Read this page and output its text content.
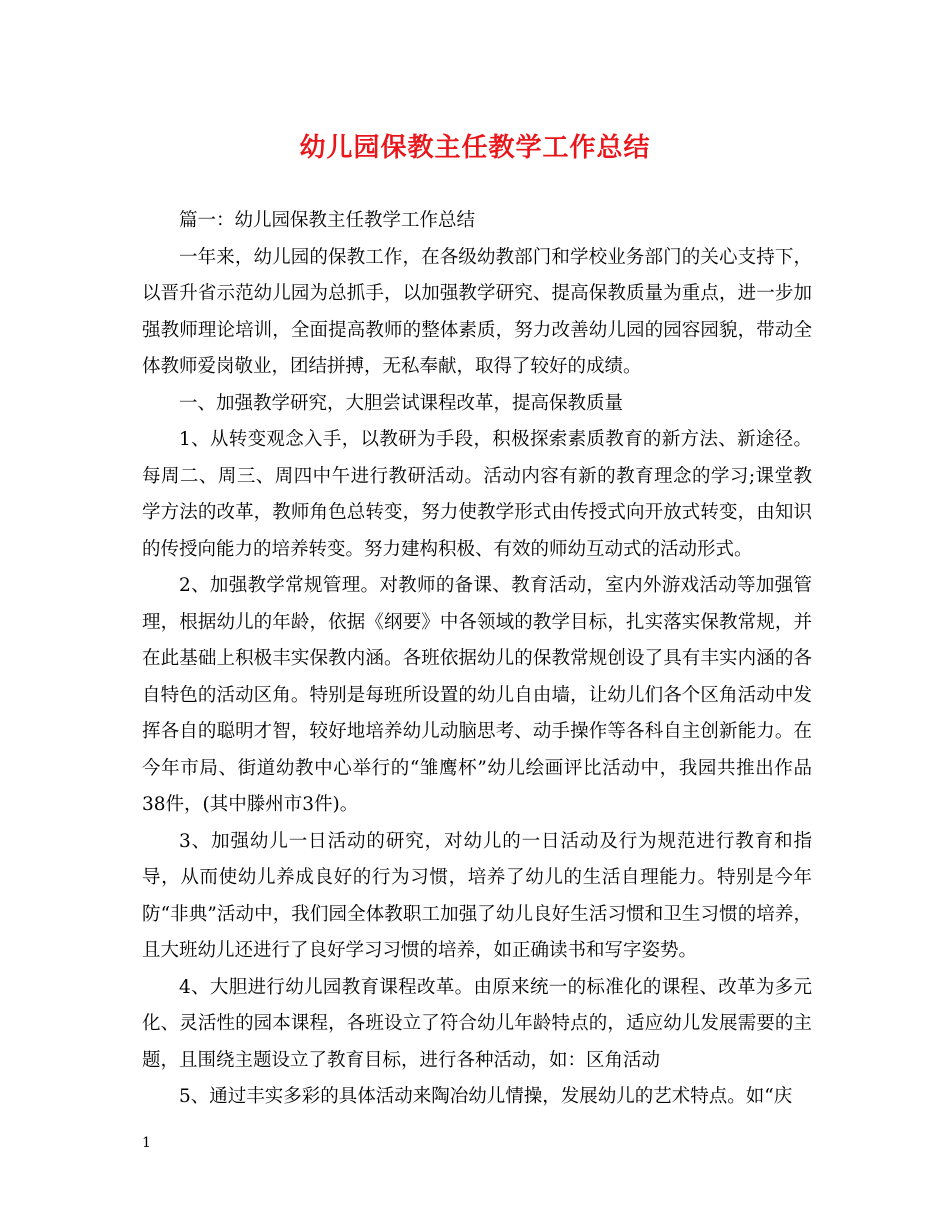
幼儿园保教主任教学工作总结

篇一：幼儿园保教主任教学工作总结

一年来，幼儿园的保教工作，在各级幼教部门和学校业务部门的关心支持下，以晋升省示范幼儿园为总抓手，以加强教学研究、提高保教质量为重点，进一步加强教师理论培训，全面提高教师的整体素质，努力改善幼儿园的园容园貌，带动全体教师爱岗敬业，团结拼搏，无私奉献，取得了较好的成绩。

一、加强教学研究，大胆尝试课程改革，提高保教质量

1、从转变观念入手，以教研为手段，积极探索素质教育的新方法、新途径。每周二、周三、周四中午进行教研活动。活动内容有新的教育理念的学习;课堂教学方法的改革，教师角色总转变，努力使教学形式由传授式向开放式转变，由知识的传授向能力的培养转变。努力建构积极、有效的师幼互动式的活动形式。

2、加强教学常规管理。对教师的备课、教育活动，室内外游戏活动等加强管理，根据幼儿的年龄，依据《纲要》中各领域的教学目标，扎实落实保教常规，并在此基础上积极丰实保教内涵。各班依据幼儿的保教常规创设了具有丰实内涵的各自特色的活动区角。特别是每班所设置的幼儿自由墙，让幼儿们各个区角活动中发挥各自的聪明才智，较好地培养幼儿动脑思考、动手操作等各科自主创新能力。在今年市局、街道幼教中心举行的“雏鹰杯”幼儿绘画评比活动中，我园共推出作品38件，(其中滕州市3件)。

3、加强幼儿一日活动的研究，对幼儿的一日活动及行为规范进行教育和指导，从而使幼儿养成良好的行为习惯，培养了幼儿的生活自理能力。特别是今年防“非典”活动中，我们园全体教职工加强了幼儿良好生活习惯和卫生习惯的培养，且大班幼儿还进行了良好学习习惯的培养，如正确读书和写字姿势。

4、大胆进行幼儿园教育课程改革。由原来统一的标准化的课程、改革为多元化、灵活性的园本课程，各班设立了符合幼儿年龄特点的，适应幼儿发展需要的主题，且围绕主题设立了教育目标，进行各种活动，如：区角活动

5、通过丰实多彩的具体活动来陶冶幼儿情操，发展幼儿的艺术特点。如“庆

1
